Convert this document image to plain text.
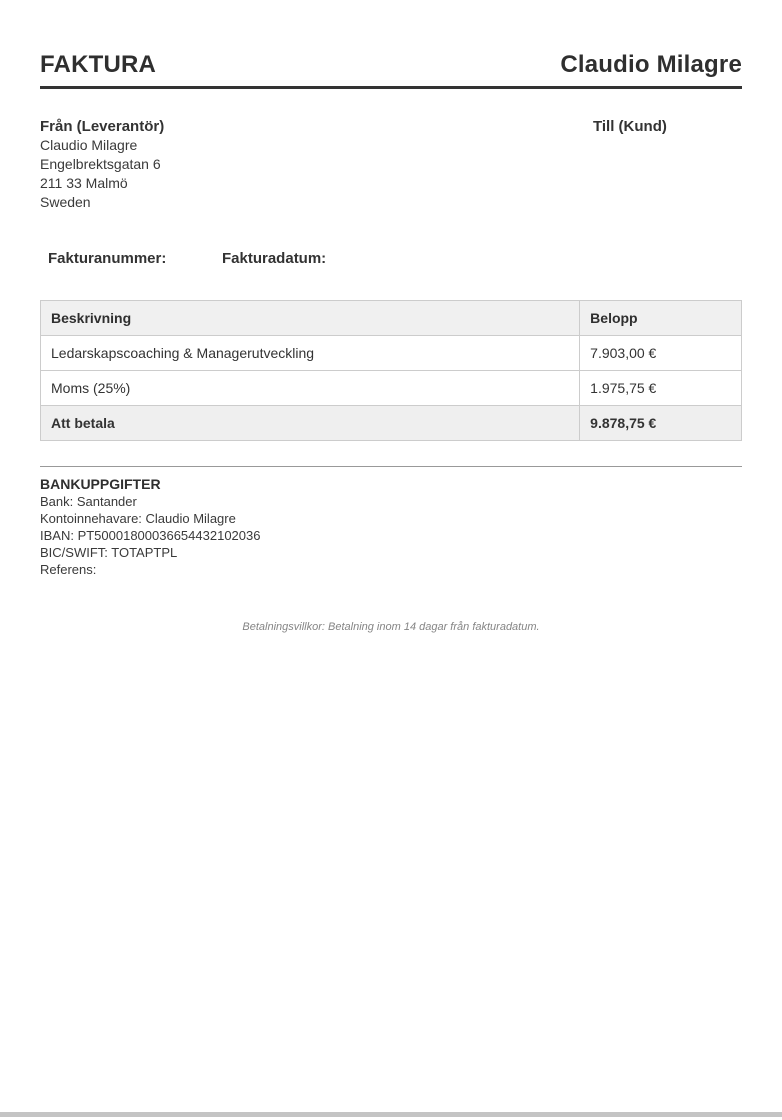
FAKTURA	Claudio Milagre
Från (Leverantör)
Claudio Milagre
Engelbrektsgatan 6
211 33 Malmö
Sweden
Till (Kund)
Fakturanummer:	Fakturadatum:
Beskrivning	Belopp
Ledarskapscoaching & Managerutveckling	7.903,00 €
Moms (25%)	1.975,75 €
Att betala	9.878,75 €
BANKUPPGIFTER
Bank: Santander
Kontoinnehavare: Claudio Milagre
IBAN: PT50001800036654432102036
BIC/SWIFT: TOTAPTPL
Referens:
Betalningsvillkor: Betalning inom 14 dagar från fakturadatum.
